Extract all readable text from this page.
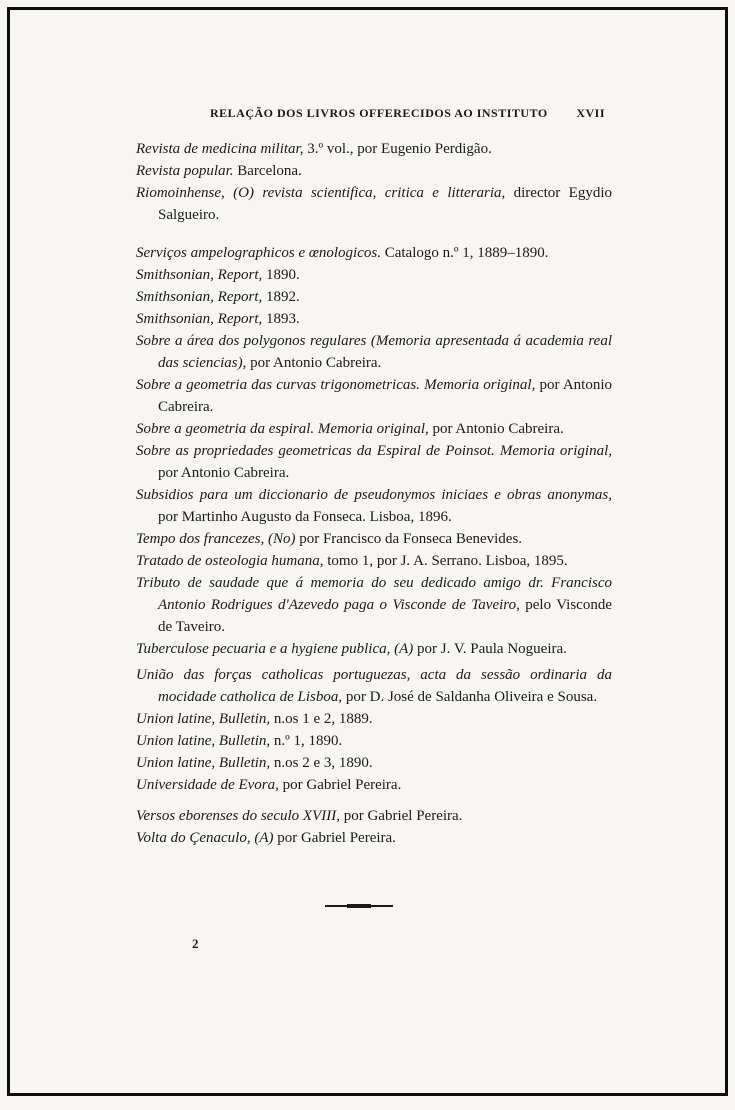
RELAÇÃO DOS LIVROS OFFERECIDOS AO INSTITUTO XVII
Revista de medicina militar, 3.º vol., por Eugenio Perdigão.
Revista popular. Barcelona.
Riomoinhense, (O) revista scientifica, critica e litteraria, director Egydio Salgueiro.
Serviços ampelographicos e œnologicos. Catalogo n.º 1, 1889–1890.
Smithsonian, Report, 1890.
Smithsonian, Report, 1892.
Smithsonian, Report, 1893.
Sobre a área dos polygonos regulares (Memoria apresentada á academia real das sciencias), por Antonio Cabreira.
Sobre a geometria das curvas trigonometricas. Memoria original, por Antonio Cabreira.
Sobre a geometria da espiral. Memoria original, por Antonio Cabreira.
Sobre as propriedades geometricas da Espiral de Poinsot. Memoria original, por Antonio Cabreira.
Subsidios para um diccionario de pseudonymos iniciaes e obras anonymas, por Martinho Augusto da Fonseca. Lisboa, 1896.
Tempo dos francezes, (No) por Francisco da Fonseca Benevides.
Tratado de osteologia humana, tomo 1, por J. A. Serrano. Lisboa, 1895.
Tributo de saudade que á memoria do seu dedicado amigo dr. Francisco Antonio Rodrigues d'Azevedo paga o Visconde de Taveiro, pelo Visconde de Taveiro.
Tuberculose pecuaria e a hygiene publica, (A) por J. V. Paula Nogueira.
União das forças catholicas portuguezas, acta da sessão ordinaria da mocidade catholica de Lisboa, por D. José de Saldanha Oliveira e Sousa.
Union latine, Bulletin, n.os 1 e 2, 1889.
Union latine, Bulletin, n.º 1, 1890.
Union latine, Bulletin, n.os 2 e 3, 1890.
Universidade de Evora, por Gabriel Pereira.
Versos eborenses do seculo XVIII, por Gabriel Pereira.
Volta do Çenaculo, (A) por Gabriel Pereira.
2
